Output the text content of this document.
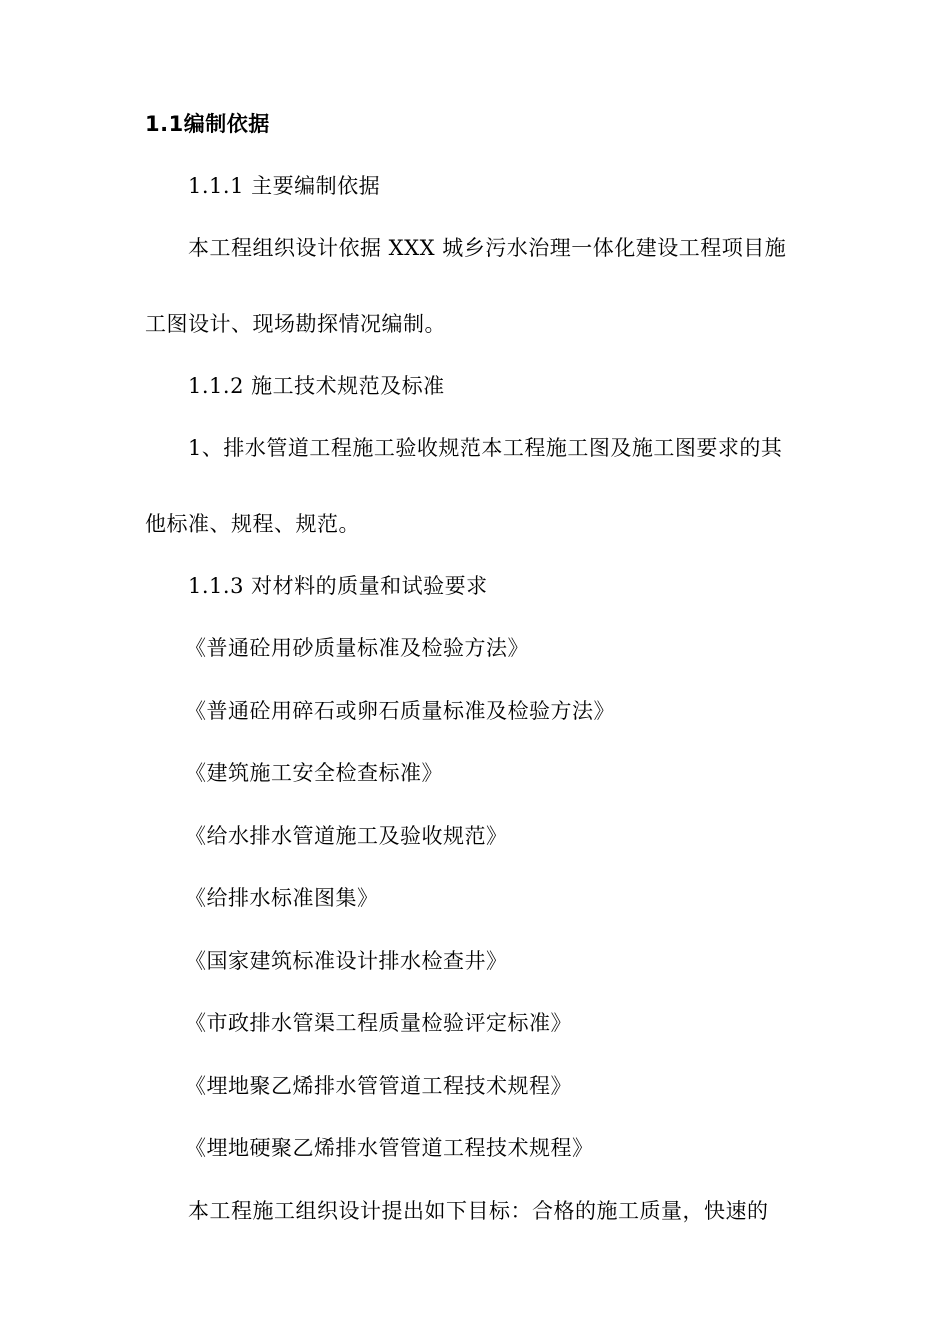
1.1编制依据
1.1.1 主要编制依据
本工程组织设计依据 XXX 城乡污水治理一体化建设工程项目施
工图设计、现场勘探情况编制。
1.1.2 施工技术规范及标准
1、排水管道工程施工验收规范本工程施工图及施工图要求的其
他标准、规程、规范。
1.1.3 对材料的质量和试验要求
《普通砼用砂质量标准及检验方法》
《普通砼用碎石或卵石质量标准及检验方法》
《建筑施工安全检查标准》
《给水排水管道施工及验收规范》
《给排水标准图集》
《国家建筑标准设计排水检查井》
《市政排水管渠工程质量检验评定标准》
《埋地聚乙烯排水管管道工程技术规程》
《埋地硬聚乙烯排水管管道工程技术规程》
本工程施工组织设计提出如下目标：合格的施工质量，快速的
